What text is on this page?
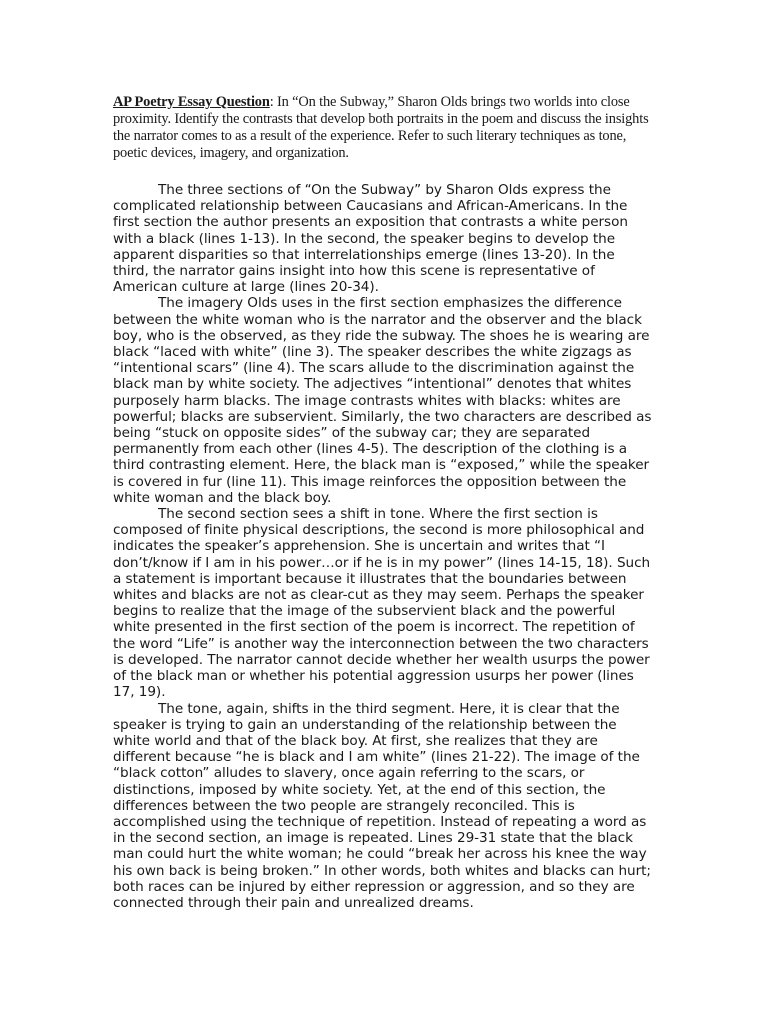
AP Poetry Essay Question: In “On the Subway,” Sharon Olds brings two worlds into close proximity. Identify the contrasts that develop both portraits in the poem and discuss the insights the narrator comes to as a result of the experience. Refer to such literary techniques as tone, poetic devices, imagery, and organization.

The three sections of “On the Subway” by Sharon Olds express the complicated relationship between Caucasians and African-Americans. In the first section the author presents an exposition that contrasts a white person with a black (lines 1-13). In the second, the speaker begins to develop the apparent disparities so that interrelationships emerge (lines 13-20). In the third, the narrator gains insight into how this scene is representative of American culture at large (lines 20-34).

The imagery Olds uses in the first section emphasizes the difference between the white woman who is the narrator and the observer and the black boy, who is the observed, as they ride the subway. The shoes he is wearing are black “laced with white” (line 3). The speaker describes the white zigzags as “intentional scars” (line 4). The scars allude to the discrimination against the black man by white society. The adjectives “intentional” denotes that whites purposely harm blacks. The image contrasts whites with blacks: whites are powerful; blacks are subservient. Similarly, the two characters are described as being “stuck on opposite sides” of the subway car; they are separated permanently from each other (lines 4-5). The description of the clothing is a third contrasting element. Here, the black man is “exposed,” while the speaker is covered in fur (line 11). This image reinforces the opposition between the white woman and the black boy.

The second section sees a shift in tone. Where the first section is composed of finite physical descriptions, the second is more philosophical and indicates the speaker’s apprehension. She is uncertain and writes that “I don’t/know if I am in his power…or if he is in my power” (lines 14-15, 18). Such a statement is important because it illustrates that the boundaries between whites and blacks are not as clear-cut as they may seem. Perhaps the speaker begins to realize that the image of the subservient black and the powerful white presented in the first section of the poem is incorrect. The repetition of the word “Life” is another way the interconnection between the two characters is developed. The narrator cannot decide whether her wealth usurps the power of the black man or whether his potential aggression usurps her power (lines 17, 19).

The tone, again, shifts in the third segment. Here, it is clear that the speaker is trying to gain an understanding of the relationship between the white world and that of the black boy. At first, she realizes that they are different because “he is black and I am white” (lines 21-22). The image of the “black cotton” alludes to slavery, once again referring to the scars, or distinctions, imposed by white society. Yet, at the end of this section, the differences between the two people are strangely reconciled. This is accomplished using the technique of repetition. Instead of repeating a word as in the second section, an image is repeated. Lines 29-31 state that the black man could hurt the white woman; he could “break her across his knee the way his own back is being broken.” In other words, both whites and blacks can hurt; both races can be injured by either repression or aggression, and so they are connected through their pain and unrealized dreams.
